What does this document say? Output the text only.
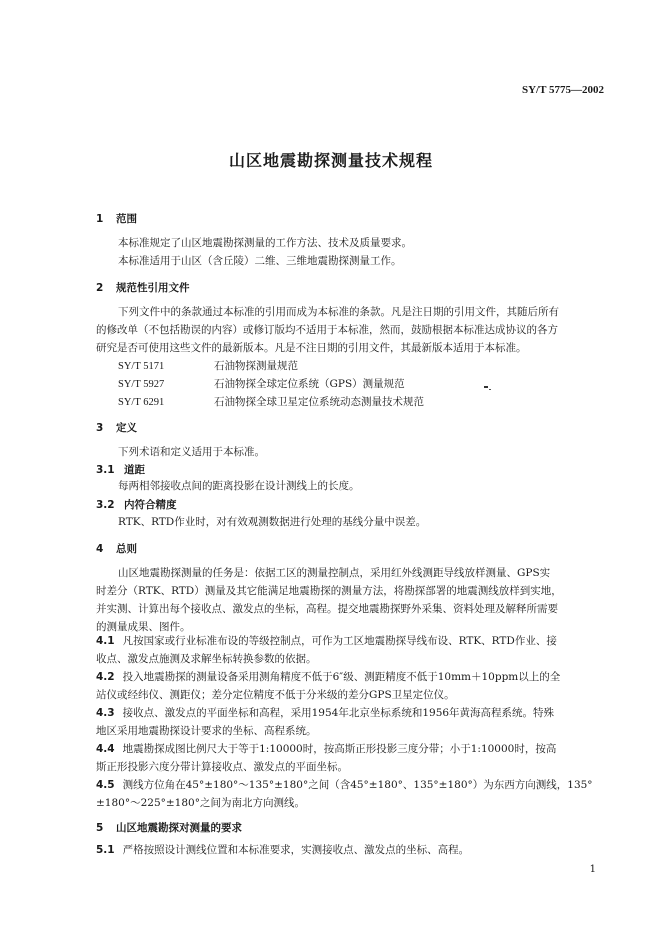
SY/T 5775—2002
山区地震勘探测量技术规程
1 范围
本标准规定了山区地震勘探测量的工作方法、技术及质量要求。
本标准适用于山区（含丘陵）二维、三维地震勘探测量工作。
2 规范性引用文件
下列文件中的条款通过本标准的引用而成为本标准的条款。凡是注日期的引用文件，其随后所有
的修改单（不包括勘误的内容）或修订版均不适用于本标准，然而，鼓励根据本标准达成协议的各方
研究是否可使用这些文件的最新版本。凡是不注日期的引用文件，其最新版本适用于本标准。
SY/T 5171	石油物探测量规范
SY/T 5927	石油物探全球定位系统（GPS）测量规范
SY/T 6291	石油物探全球卫星定位系统动态测量技术规范
3 定义
下列术语和定义适用于本标准。
3.1 道距
每两相邻接收点间的距离投影在设计测线上的长度。
3.2 内符合精度
RTK、RTD作业时，对有效观测数据进行处理的基线分量中误差。
4 总则
山区地震勘探测量的任务是：依据工区的测量控制点，采用红外线测距导线放样测量、GPS实
时差分（RTK、RTD）测量及其它能满足地震勘探的测量方法，将勘探部署的地震测线放样到实地，
并实测、计算出每个接收点、激发点的坐标，高程。提交地震勘探野外采集、资料处理及解释所需要
的测量成果、图件。
4.1 凡按国家或行业标准布设的等级控制点，可作为工区地震勘探导线布设、RTK、RTD作业、接
收点、激发点施测及求解坐标转换参数的依据。
4.2 投入地震勘探的测量设备采用测角精度不低于6″级、测距精度不低于10mm＋10ppm以上的全
站仪或经纬仪、测距仪；差分定位精度不低于分米级的差分GPS卫星定位仪。
4.3 接收点、激发点的平面坐标和高程，采用1954年北京坐标系统和1956年黄海高程系统。特殊
地区采用地震勘探设计要求的坐标、高程系统。
4.4 地震勘探成图比例尺大于等于1:10000时，按高斯正形投影三度分带；小于1:10000时，按高
斯正形投影六度分带计算接收点、激发点的平面坐标。
4.5 测线方位角在45°±180°～135°±180°之间（含45°±180°、135°±180°）为东西方向测线，135°
±180°～225°±180°之间为南北方向测线。
5 山区地震勘探对测量的要求
5.1 严格按照设计测线位置和本标准要求，实测接收点、激发点的坐标、高程。
1
